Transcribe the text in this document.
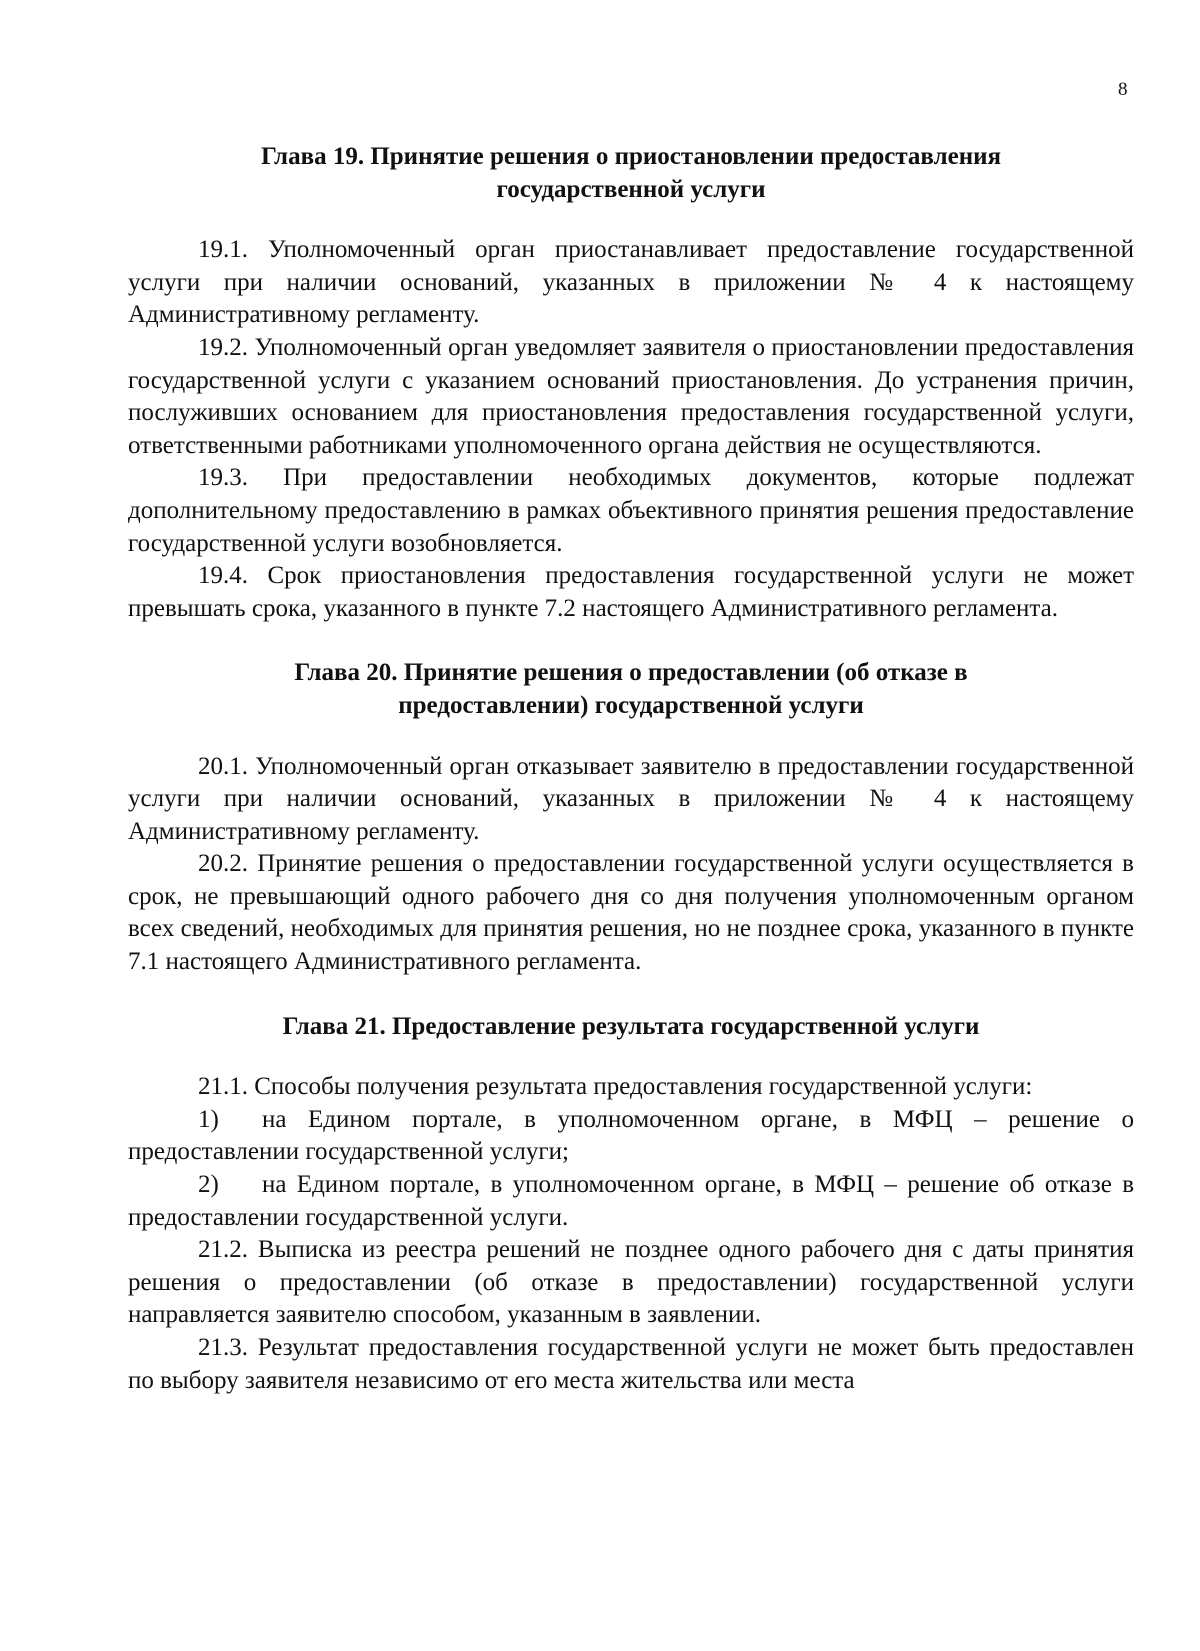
8
Глава 19. Принятие решения о приостановлении предоставления
государственной услуги

19.1. Уполномоченный орган приостанавливает предоставление государственной услуги при наличии оснований, указанных в приложении № 4 к настоящему Административному регламенту.

19.2. Уполномоченный орган уведомляет заявителя о приостановлении предоставления государственной услуги с указанием оснований приостановления. До устранения причин, послуживших основанием для приостановления предоставления государственной услуги, ответственными работниками уполномоченного органа действия не осуществляются.

19.3. При предоставлении необходимых документов, которые подлежат дополнительному предоставлению в рамках объективного принятия решения предоставление государственной услуги возобновляется.

19.4. Срок приостановления предоставления государственной услуги не может превышать срока, указанного в пункте 7.2 настоящего Административного регламента.

Глава 20. Принятие решения о предоставлении (об отказе в
предоставлении) государственной услуги

20.1. Уполномоченный орган отказывает заявителю в предоставлении государственной услуги при наличии оснований, указанных в приложении № 4 к настоящему Административному регламенту.

20.2. Принятие решения о предоставлении государственной услуги осуществляется в срок, не превышающий одного рабочего дня со дня получения уполномоченным органом всех сведений, необходимых для принятия решения, но не позднее срока, указанного в пункте 7.1 настоящего Административного регламента.

Глава 21. Предоставление результата государственной услуги

21.1. Способы получения результата предоставления государственной услуги:

1) на Едином портале, в уполномоченном органе, в МФЦ – решение о предоставлении государственной услуги;

2) на Едином портале, в уполномоченном органе, в МФЦ – решение об отказе в предоставлении государственной услуги.

21.2. Выписка из реестра решений не позднее одного рабочего дня с даты принятия решения о предоставлении (об отказе в предоставлении) государственной услуги направляется заявителю способом, указанным в заявлении.

21.3. Результат предоставления государственной услуги не может быть предоставлен по выбору заявителя независимо от его места жительства или места
